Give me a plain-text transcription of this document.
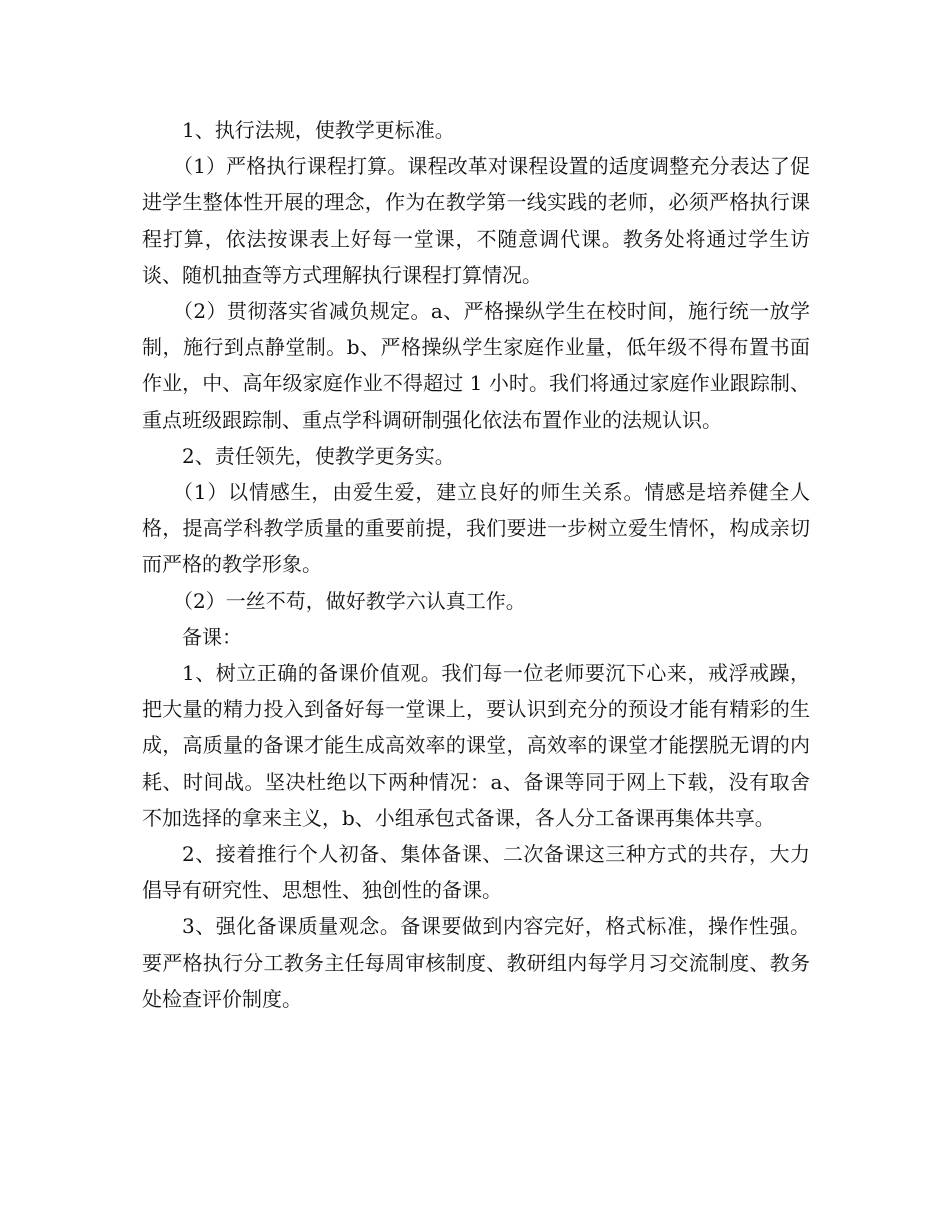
1、执行法规，使教学更标准。

（1）严格执行课程打算。课程改革对课程设置的适度调整充分表达了促进学生整体性开展的理念，作为在教学第一线实践的老师，必须严格执行课程打算，依法按课表上好每一堂课，不随意调代课。教务处将通过学生访谈、随机抽查等方式理解执行课程打算情况。

（2）贯彻落实省减负规定。a、严格操纵学生在校时间，施行统一放学制，施行到点静堂制。b、严格操纵学生家庭作业量，低年级不得布置书面作业，中、高年级家庭作业不得超过 1 小时。我们将通过家庭作业跟踪制、重点班级跟踪制、重点学科调研制强化依法布置作业的法规认识。

2、责任领先，使教学更务实。

（1）以情感生，由爱生爱，建立良好的师生关系。情感是培养健全人格，提高学科教学质量的重要前提，我们要进一步树立爱生情怀，构成亲切而严格的教学形象。

（2）一丝不苟，做好教学六认真工作。

备课：

1、树立正确的备课价值观。我们每一位老师要沉下心来，戒浮戒躁，把大量的精力投入到备好每一堂课上，要认识到充分的预设才能有精彩的生成，高质量的备课才能生成高效率的课堂，高效率的课堂才能摆脱无谓的内耗、时间战。坚决杜绝以下两种情况：a、备课等同于网上下载，没有取舍不加选择的拿来主义，b、小组承包式备课，各人分工备课再集体共享。

2、接着推行个人初备、集体备课、二次备课这三种方式的共存，大力倡导有研究性、思想性、独创性的备课。

3、强化备课质量观念。备课要做到内容完好，格式标准，操作性强。要严格执行分工教务主任每周审核制度、教研组内每学月习交流制度、教务处检查评价制度。
